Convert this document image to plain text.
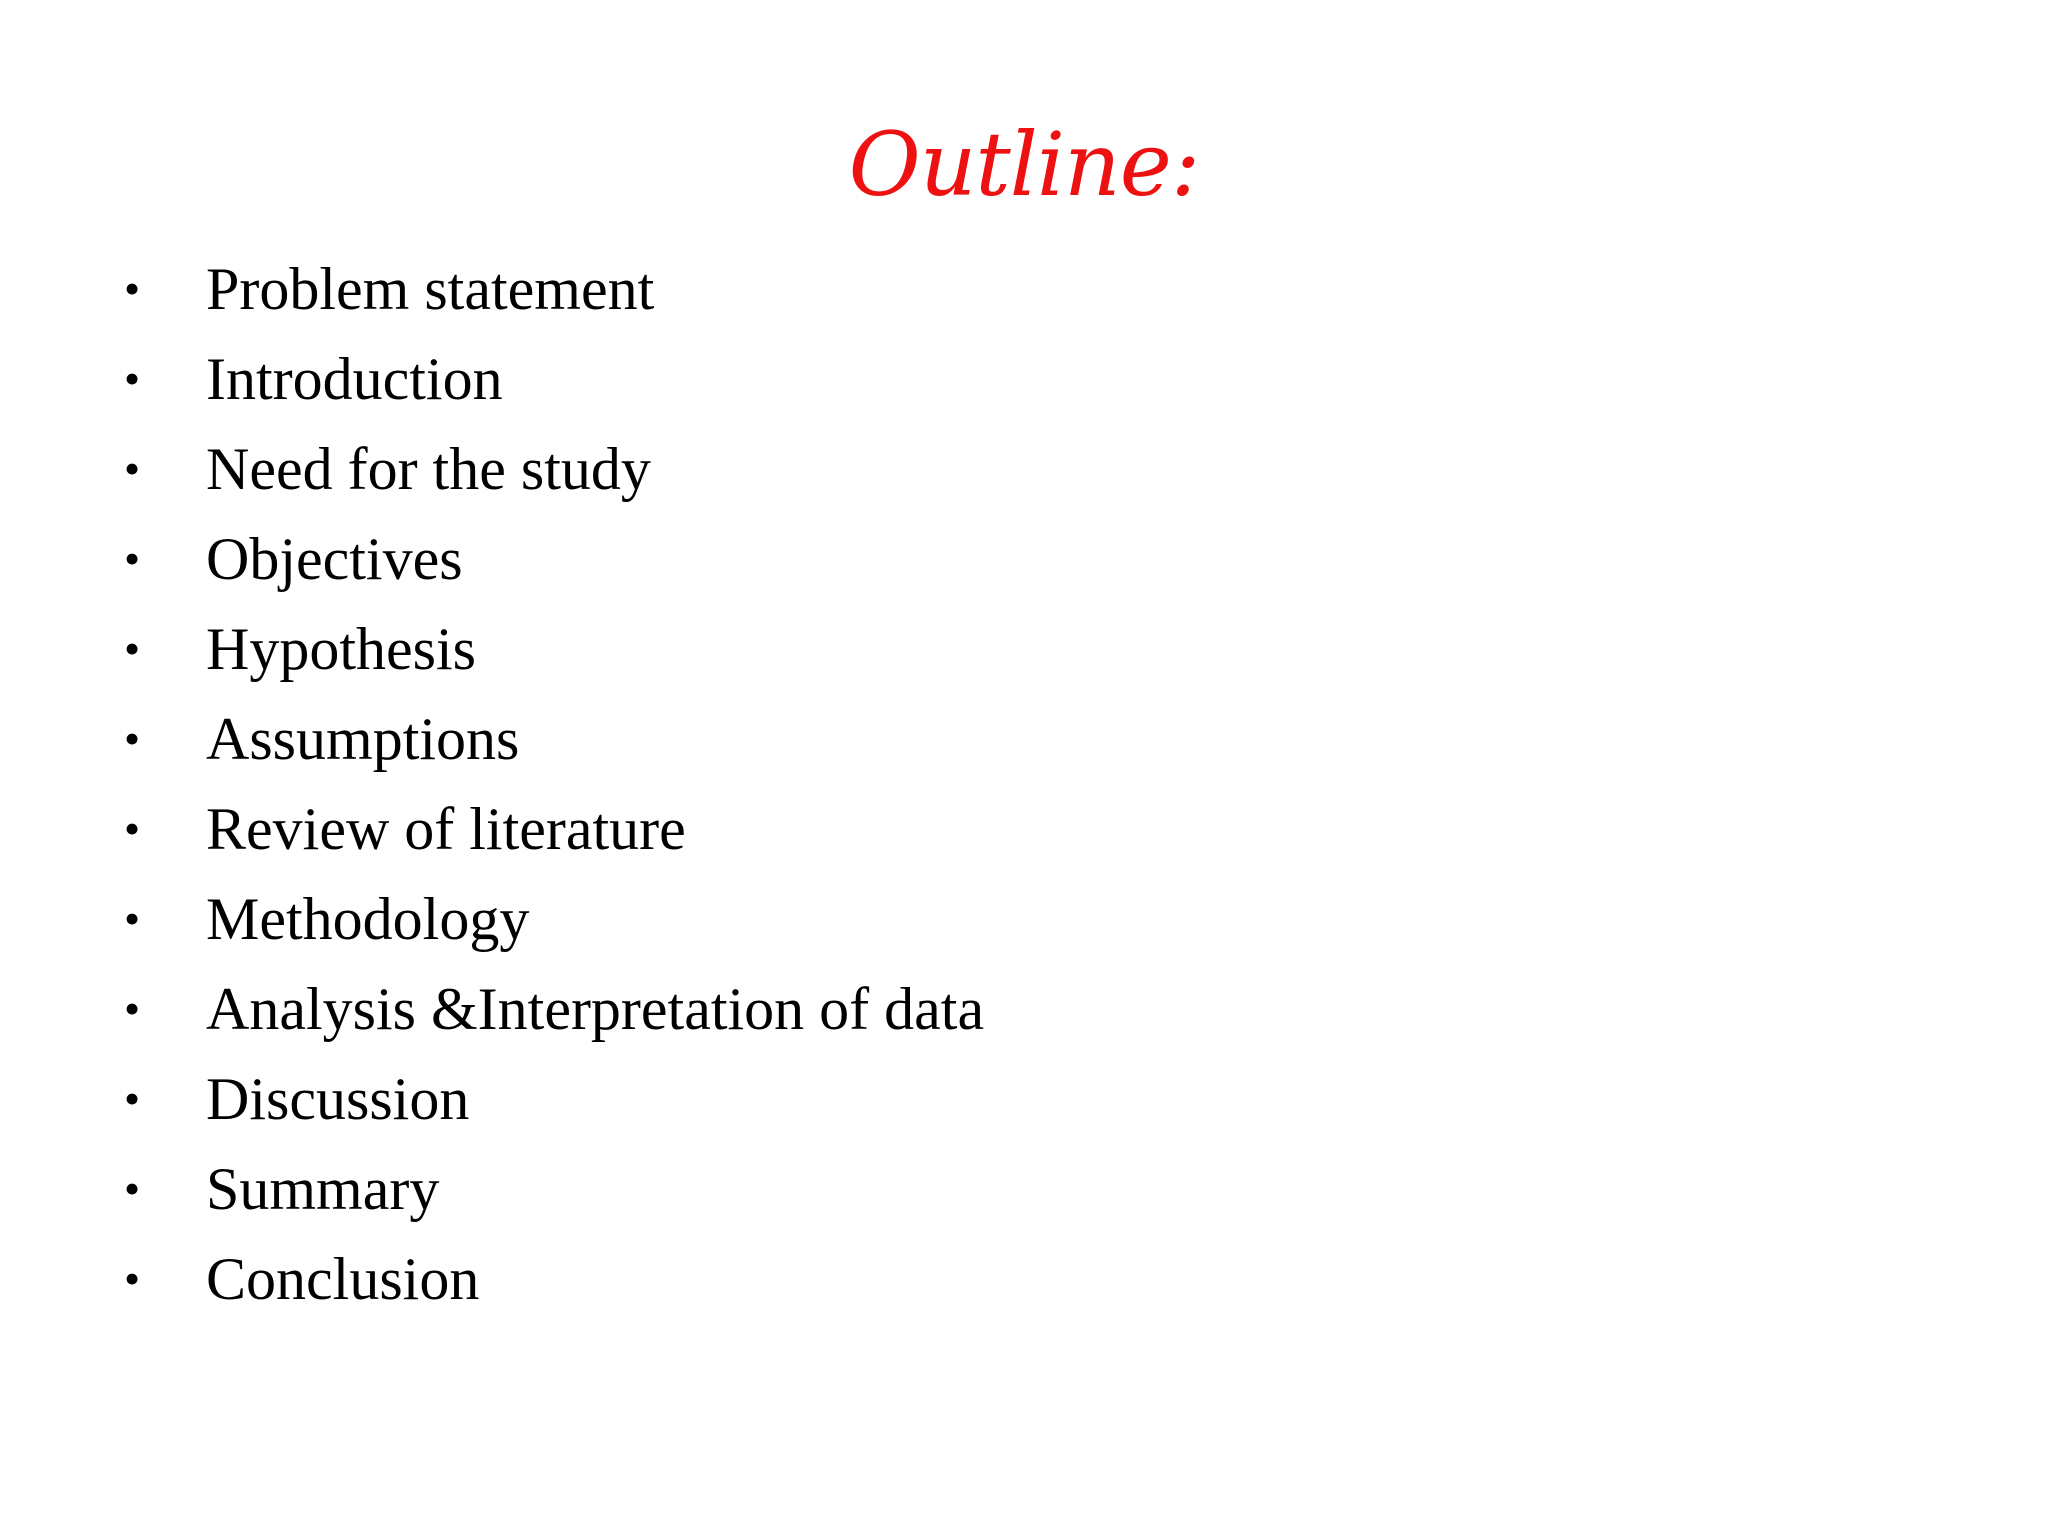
Outline:
•	Problem statement
•	Introduction
•	Need for the study
•	Objectives
•	Hypothesis
•	Assumptions
•	Review of literature
•	Methodology
•	Analysis &Interpretation of data
•	Discussion
•	Summary
•	Conclusion
